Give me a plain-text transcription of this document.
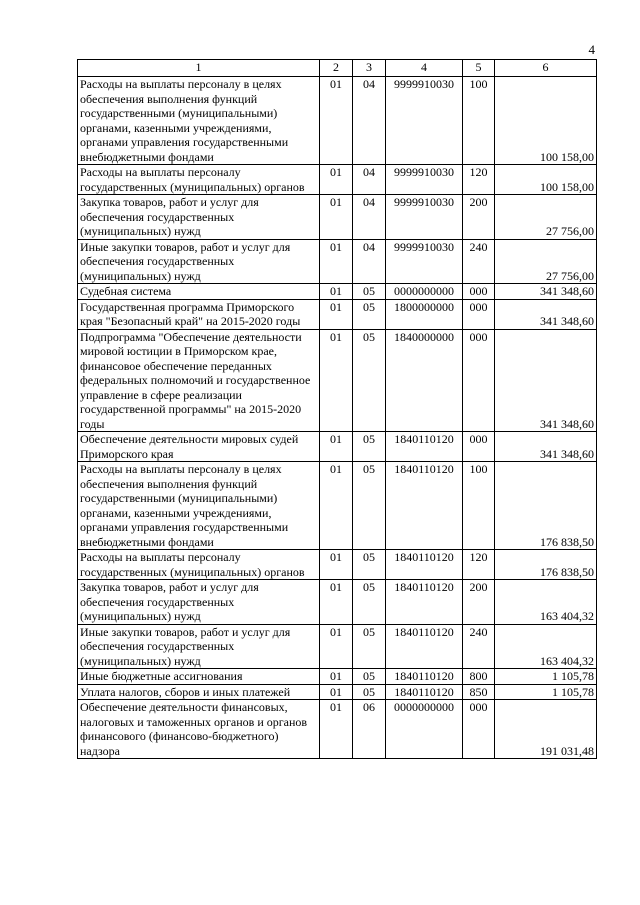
4
1	2	3	4	5	6
Расходы на выплаты персоналу в целях обеспечения выполнения функций государственными (муниципальными) органами, казенными учреждениями, органами управления государственными внебюджетными фондами	01	04	9999910030	100	100 158,00
Расходы на выплаты персоналу государственных (муниципальных) органов	01	04	9999910030	120	100 158,00
Закупка товаров, работ и услуг для обеспечения государственных (муниципальных) нужд	01	04	9999910030	200	27 756,00
Иные закупки товаров, работ и услуг для обеспечения государственных (муниципальных) нужд	01	04	9999910030	240	27 756,00
Судебная система	01	05	0000000000	000	341 348,60
Государственная программа Приморского края "Безопасный край" на 2015-2020 годы	01	05	1800000000	000	341 348,60
Подпрограмма "Обеспечение деятельности мировой юстиции в Приморском крае, финансовое обеспечение переданных федеральных полномочий и государственное управление в сфере реализации государственной программы" на 2015-2020 годы	01	05	1840000000	000	341 348,60
Обеспечение деятельности мировых судей Приморского края	01	05	1840110120	000	341 348,60
Расходы на выплаты персоналу в целях обеспечения выполнения функций государственными (муниципальными) органами, казенными учреждениями, органами управления государственными внебюджетными фондами	01	05	1840110120	100	176 838,50
Расходы на выплаты персоналу государственных (муниципальных) органов	01	05	1840110120	120	176 838,50
Закупка товаров, работ и услуг для обеспечения государственных (муниципальных) нужд	01	05	1840110120	200	163 404,32
Иные закупки товаров, работ и услуг для обеспечения государственных (муниципальных) нужд	01	05	1840110120	240	163 404,32
Иные бюджетные ассигнования	01	05	1840110120	800	1 105,78
Уплата налогов, сборов и иных платежей	01	05	1840110120	850	1 105,78
Обеспечение деятельности финансовых, налоговых и таможенных органов и органов финансового (финансово-бюджетного) надзора	01	06	0000000000	000	191 031,48
